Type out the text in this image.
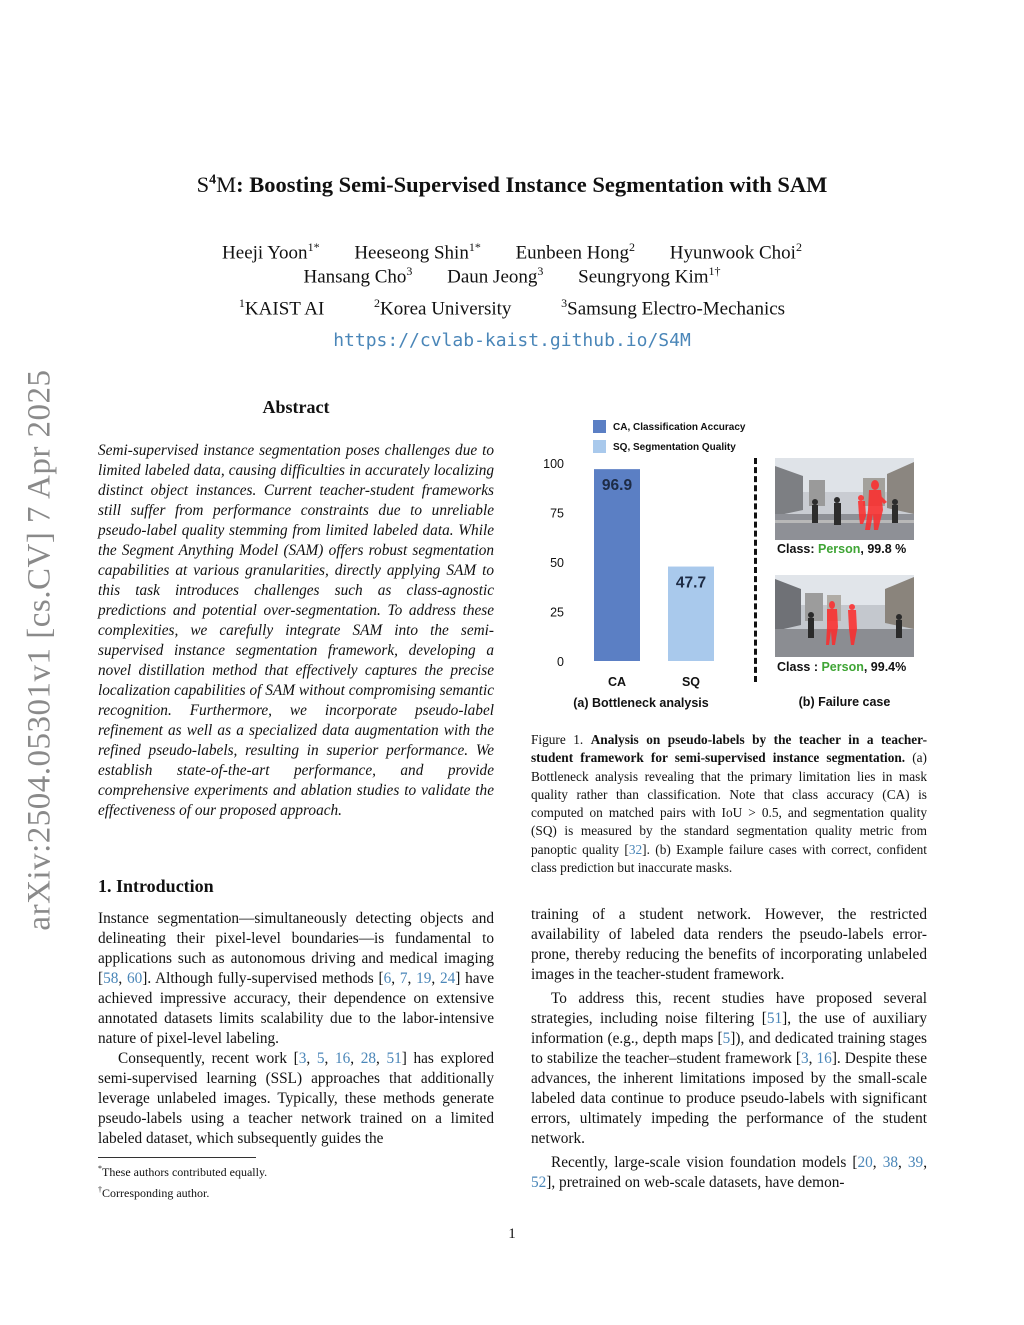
arXiv:2504.05301v1 [cs.CV] 7 Apr 2025
$S^4M$: Boosting Semi-Supervised Instance Segmentation with SAM
Heeji Yoon$^{1*}$ Heeseong Shin$^{1*}$ Eunbeen Hong$^2$ Hyunwook Choi$^2$
Hansang Cho$^3$ Daun Jeong$^3$ Seungryong Kim$^{1\dagger}$
$^1$KAIST AI	$^2$Korea University	$^3$Samsung Electro-Mechanics
https://cvlab-kaist.github.io/S4M
Abstract
Semi-supervised instance segmentation poses challenges due to limited labeled data, causing difficulties in accurately localizing distinct object instances. Current teacher-student frameworks still suffer from performance constraints due to unreliable pseudo-label quality stemming from limited labeled data. While the Segment Anything Model (SAM) offers robust segmentation capabilities at various granularities, directly applying SAM to this task introduces challenges such as class-agnostic predictions and potential over-segmentation. To address these complexities, we carefully integrate SAM into the semi-supervised instance segmentation framework, developing a novel distillation method that effectively captures the precise localization capabilities of SAM without compromising semantic recognition. Furthermore, we incorporate pseudo-label refinement as well as a specialized data augmentation with the refined pseudo-labels, resulting in superior performance. We establish state-of-the-art performance, and provide comprehensive experiments and ablation studies to validate the effectiveness of our proposed approach.
1. Introduction

Instance segmentation—simultaneously detecting objects and delineating their pixel-level boundaries—is fundamental to applications such as autonomous driving and medical imaging [58, 60]. Although fully-supervised methods [6, 7, 19, 24] have achieved impressive accuracy, their dependence on extensive annotated datasets limits scalability due to the labor-intensive nature of pixel-level labeling.

Consequently, recent work [3, 5, 16, 28, 51] has explored semi-supervised learning (SSL) approaches that additionally leverage unlabeled images. Typically, these methods generate pseudo-labels using a teacher network trained on a limited labeled dataset, which subsequently guides the

*These authors contributed equally.
†Corresponding author.

training of a student network. However, the restricted availability of labeled data renders the pseudo-labels error-prone, thereby reducing the benefits of incorporating unlabeled images in the teacher-student framework.

To address this, recent studies have proposed several strategies, including noise filtering [51], the use of auxiliary information (e.g., depth maps [5]), and dedicated training stages to stabilize the teacher–student framework [3, 16]. Despite these advances, the inherent limitations imposed by the small-scale labeled data continue to produce pseudo-labels with significant errors, ultimately impeding the performance of the student network.

Recently, large-scale vision foundation models [20, 38, 39, 52], pretrained on web-scale datasets, have demon-

CA, Classification Accuracy
SQ, Segmentation Quality
0
25
50
75
100
96.9
CA
47.7
SQ
(a) Bottleneck analysis
Class: Person, 99.8 %
Class : Person, 99.4%
(b) Failure case
Figure 1. Analysis on pseudo-labels by the teacher in a teacher-student framework for semi-supervised instance segmentation. (a) Bottleneck analysis revealing that the primary limitation lies in mask quality rather than classification. Note that class accuracy (CA) is computed on matched pairs with IoU > 0.5, and segmentation quality (SQ) is measured by the standard segmentation quality metric from panoptic quality [32]. (b) Example failure cases with correct, confident class prediction but inaccurate masks.
1
